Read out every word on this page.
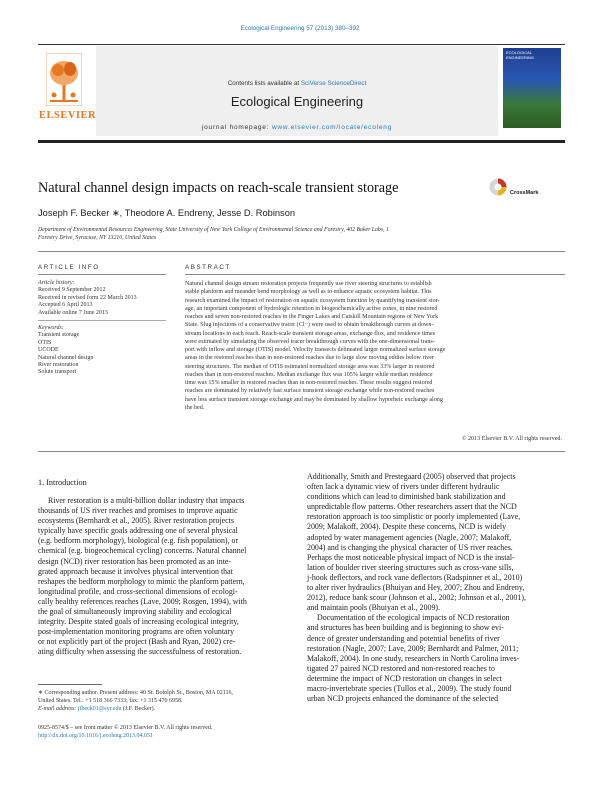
Ecological Engineering 57 (2013) 380–392
ELSEVIER
Contents lists available at SciVerse ScienceDirect
Ecological Engineering
journal homepage: www.elsevier.com/locate/ecoleng
ECOLOGICAL
ENGINEERING
Natural channel design impacts on reach-scale transient storage	CrossMark
Joseph F. Becker ∗, Theodore A. Endreny, Jesse D. Robinson
Department of Environmental Resources Engineering, State University of New York College of Environmental Science and Forestry, 402 Baker Labs, 1
Forestry Drive, Syracuse, NY 13210, United States
ARTICLE INFO
Article history:
Received 9 September 2012
Received in revised form 22 March 2013
Accepted 6 April 2013
Available online 7 June 2013
Keywords:
Transient storage
OTIS
UCODE
Natural channel design
River restoration
Solute transport
ABSTRACT
Natural channel design stream restoration projects frequently use river steering structures to establish
stable planform and meander bend morphology as well as to enhance aquatic ecosystem habitat. This
research examined the impact of restoration on aquatic ecosystem function by quantifying transient stor-
age, an important component of hydrologic retention in biogeochemically active zones, in nine restored
reaches and seven non-restored reaches in the Finger Lakes and Catskill Mountain regions of New York
State. Slug injections of a conservative tracer (Cl−) were used to obtain breakthrough curves at down-
stream locations in each reach. Reach-scale transient storage areas, exchange flux, and residence times
were estimated by simulating the observed tracer breakthrough curves with the one-dimensional trans-
port with inflow and storage (OTIS) model. Velocity transects delineated larger normalized surface storage
areas in the restored reaches than in non-restored reaches due to large slow moving eddies below river
steering structures. The median of OTIS estimated normalized storage area was 33% larger in restored
reaches than in non-restored reaches. Median exchange flux was 105% larger while median residence
time was 15% smaller in restored reaches than in non-restored reaches. These results suggest restored
reaches are dominated by relatively fast surface transient storage exchange while non-restored reaches
have less surface transient storage exchange and may be dominated by shallow hyporheic exchange along
the bed.
© 2013 Elsevier B.V. All rights reserved.
1. Introduction
River restoration is a multi-billion dollar industry that impacts
thousands of US river reaches and promises to improve aquatic
ecosystems (Bernhardt et al., 2005). River restoration projects
typically have specific goals addressing one of several physical
(e.g. bedform morphology), biological (e.g. fish population), or
chemical (e.g. biogeochemical cycling) concerns. Natural channel
design (NCD) river restoration has been promoted as an inte-
grated approach because it involves physical intervention that
reshapes the bedform morphology to mimic the planform pattern,
longitudinal profile, and cross-sectional dimensions of ecologi-
cally healthy references reaches (Lave, 2009; Rosgen, 1994), with
the goal of simultaneously improving stability and ecological
integrity. Despite stated goals of increasing ecological integrity,
post-implementation monitoring programs are often voluntary
or not explicitly part of the project (Bash and Ryan, 2002) cre-
ating difficulty when assessing the successfulness of restoration.
Additionally, Smith and Prestegaard (2005) observed that projects
often lack a dynamic view of rivers under different hydraulic
conditions which can lead to diminished bank stabilization and
unpredictable flow patterns. Other researchers assert that the NCD
restoration approach is too simplistic or poorly implemented (Lave,
2009; Malakoff, 2004). Despite these concerns, NCD is widely
adopted by water management agencies (Nagle, 2007; Malakoff,
2004) and is changing the physical character of US river reaches.
Perhaps the most noticeable physical impact of NCD is the instal-
lation of boulder river steering structures such as cross-vane sills,
j-hook deflectors, and rock vane deflectors (Radspinner et al., 2010)
to alter river hydraulics (Bhuiyan and Hey, 2007; Zhou and Endreny,
2012), reduce bank scour (Johnson et al., 2002; Johnson et al., 2001),
and maintain pools (Bhuiyan et al., 2009).
Documentation of the ecological impacts of NCD restoration
and structures has been building and is beginning to show evi-
dence of greater understanding and potential benefits of river
restoration (Nagle, 2007; Lave, 2009; Bernhardt and Palmer, 2011;
Malakoff, 2004). In one study, researchers in North Carolina inves-
tigated 27 paired NCD restored and non-restored reaches to
determine the impact of NCD restoration on changes in select
macro-invertebrate species (Tullos et al., 2009). The study found
urban NCD projects enhanced the dominance of the selected
∗ Corresponding author. Present address: 40 St. Botolph St., Boston, MA 02116,
United States. Tel.: +1 518 366 7333; fax: +1 315 470 6958.
E-mail address: jfbeck01@syr.edu (J.F. Becker).
0925-8574/$ – see front matter © 2013 Elsevier B.V. All rights reserved.
http://dx.doi.org/10.1016/j.ecoleng.2013.04.051
